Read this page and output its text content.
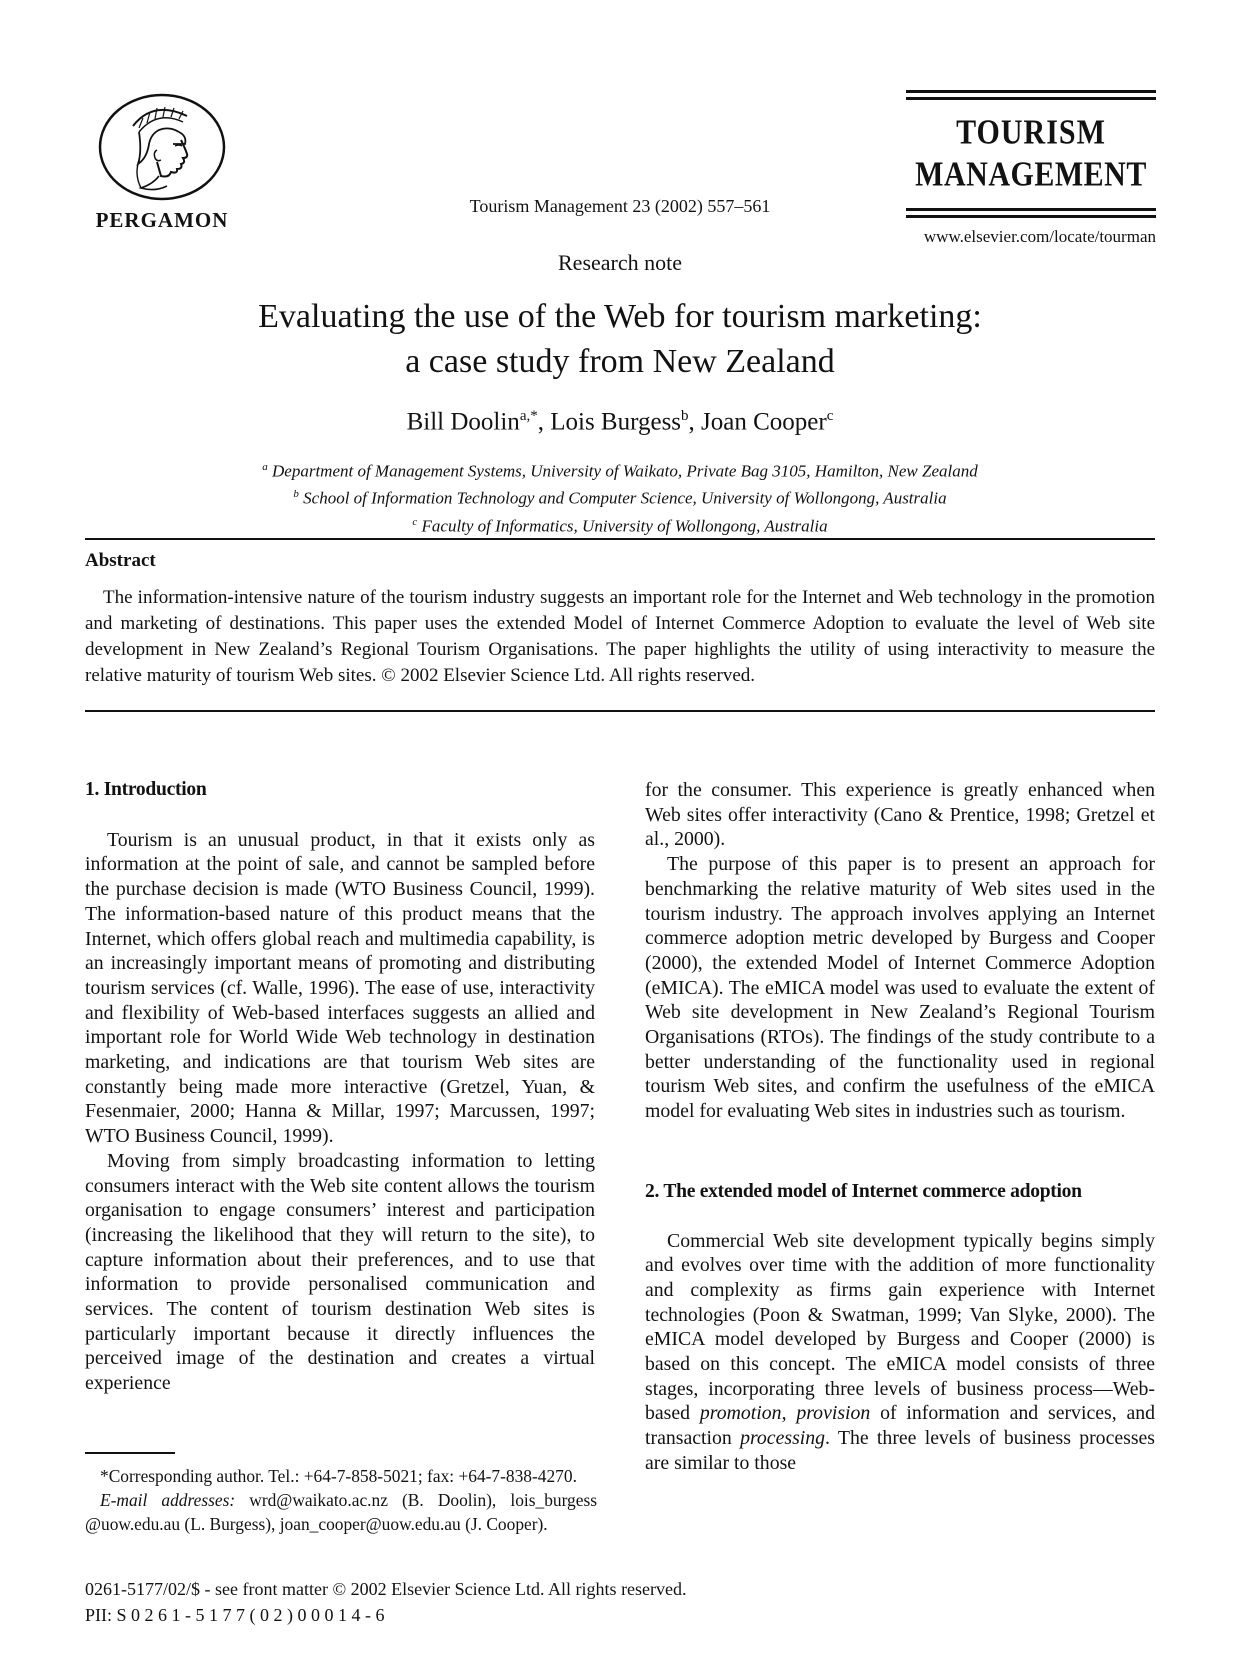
PERGAMON
Tourism Management 23 (2002) 557–561
TOURISM
MANAGEMENT
www.elsevier.com/locate/tourman
Research note
Evaluating the use of the Web for tourism marketing:
a case study from New Zealand
Bill Doolin$^{a,*}$, Lois Burgess$^b$, Joan Cooper$^c$
$^a$ Department of Management Systems, University of Waikato, Private Bag 3105, Hamilton, New Zealand
$^b$ School of Information Technology and Computer Science, University of Wollongong, Australia
$^c$ Faculty of Informatics, University of Wollongong, Australia
Abstract

The information-intensive nature of the tourism industry suggests an important role for the Internet and Web technology in the promotion and marketing of destinations. This paper uses the extended Model of Internet Commerce Adoption to evaluate the level of Web site development in New Zealand’s Regional Tourism Organisations. The paper highlights the utility of using interactivity to measure the relative maturity of tourism Web sites. © 2002 Elsevier Science Ltd. All rights reserved.

1. Introduction

Tourism is an unusual product, in that it exists only as information at the point of sale, and cannot be sampled before the purchase decision is made (WTO Business Council, 1999). The information-based nature of this product means that the Internet, which offers global reach and multimedia capability, is an increasingly important means of promoting and distributing tourism services (cf. Walle, 1996). The ease of use, interactivity and flexibility of Web-based interfaces suggests an allied and important role for World Wide Web technology in destination marketing, and indications are that tourism Web sites are constantly being made more interactive (Gretzel, Yuan, & Fesenmaier, 2000; Hanna & Millar, 1997; Marcussen, 1997; WTO Business Council, 1999).

Moving from simply broadcasting information to letting consumers interact with the Web site content allows the tourism organisation to engage consumers’ interest and participation (increasing the likelihood that they will return to the site), to capture information about their preferences, and to use that information to provide personalised communication and services. The content of tourism destination Web sites is particularly important because it directly influences the perceived image of the destination and creates a virtual experience

for the consumer. This experience is greatly enhanced when Web sites offer interactivity (Cano & Prentice, 1998; Gretzel et al., 2000).

The purpose of this paper is to present an approach for benchmarking the relative maturity of Web sites used in the tourism industry. The approach involves applying an Internet commerce adoption metric developed by Burgess and Cooper (2000), the extended Model of Internet Commerce Adoption (eMICA). The eMICA model was used to evaluate the extent of Web site development in New Zealand’s Regional Tourism Organisations (RTOs). The findings of the study contribute to a better understanding of the functionality used in regional tourism Web sites, and confirm the usefulness of the eMICA model for evaluating Web sites in industries such as tourism.

2. The extended model of Internet commerce adoption

Commercial Web site development typically begins simply and evolves over time with the addition of more functionality and complexity as firms gain experience with Internet technologies (Poon & Swatman, 1999; Van Slyke, 2000). The eMICA model developed by Burgess and Cooper (2000) is based on this concept. The eMICA model consists of three stages, incorporating three levels of business process—Web-based promotion, provision of information and services, and transaction processing. The three levels of business processes are similar to those

*Corresponding author. Tel.: +64-7-858-5021; fax: +64-7-838-4270.

E-mail addresses: wrd@waikato.ac.nz (B. Doolin), lois_burgess @uow.edu.au (L. Burgess), joan_cooper@uow.edu.au (J. Cooper).

0261-5177/02/$ - see front matter © 2002 Elsevier Science Ltd. All rights reserved.
PII: S 0 2 6 1 - 5 1 7 7 ( 0 2 ) 0 0 0 1 4 - 6
